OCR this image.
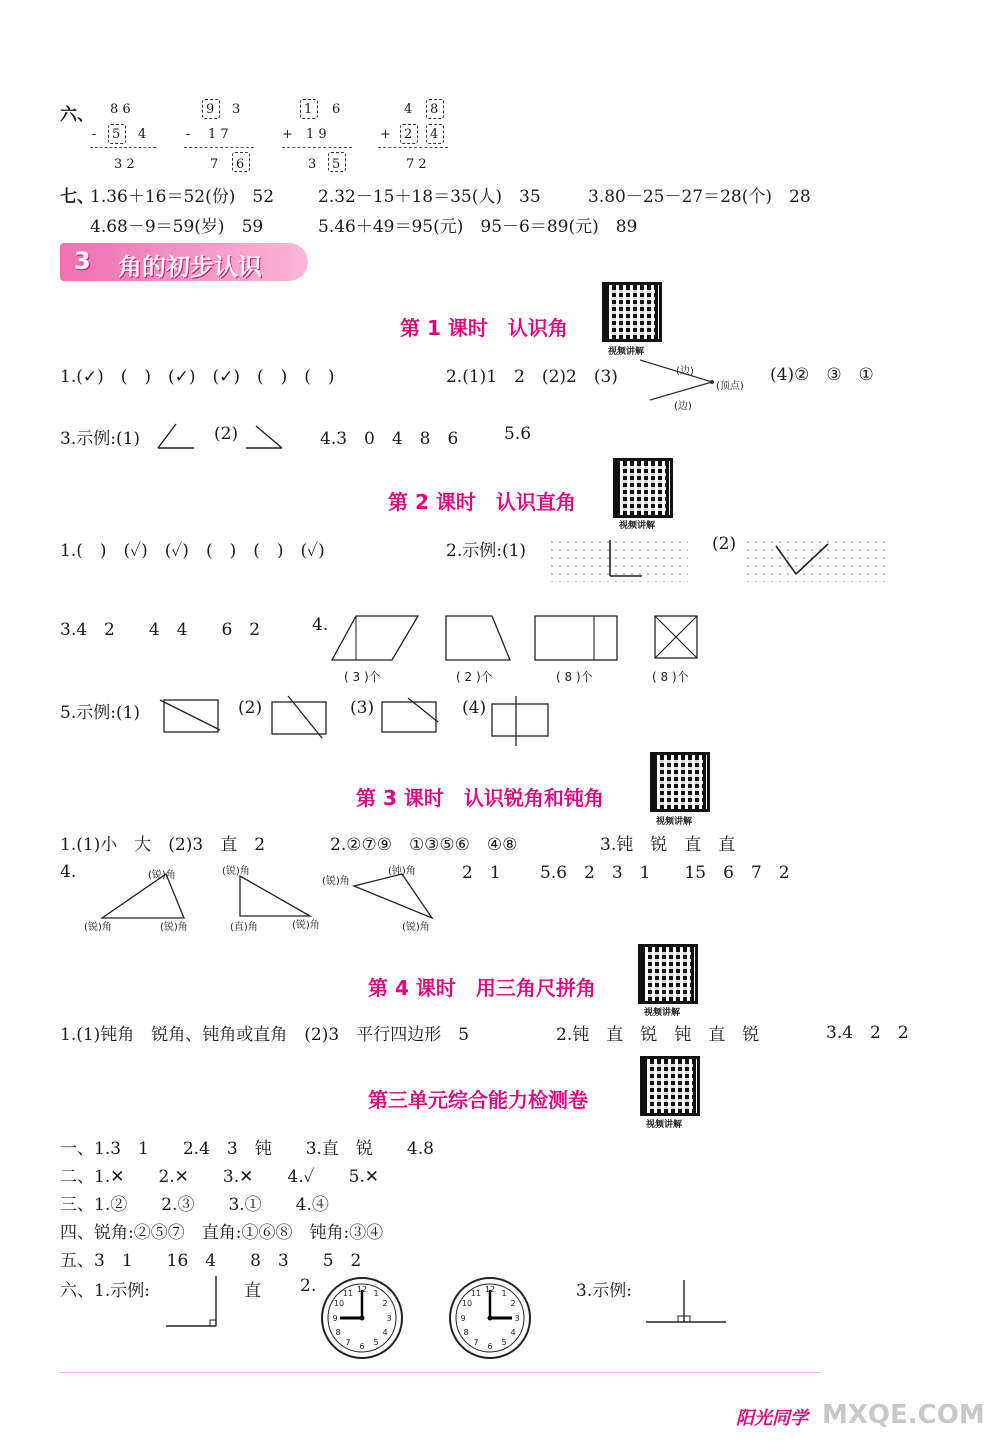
六、 8 6
- 5 4
3 2
9 3
- 1 7
7 6
1 6
+ 1 9
3 5
4 8
+ 2 4
7 2
七、
1.36＋16＝52(份)　52	2.32－15＋18＝35(人)　35	3.80－25－27＝28(个)　28
4.68－9＝59(岁)　59	5.46＋49＝95(元)　95－6＝89(元)　89
3 角的初步认识
第 1 课时　认识角
视频讲解
1.(✓)　(　)　(✓)　(✓)　(　)　(　)	2.(1)1　2　(2)2　(3)	(边)
(边)
(顶点)
(4)②　③　①
3.示例:(1)	(2)	4.3　0　4　8　6	5.6
第 2 课时　认识直角
视频讲解
1.(　)　(✓)　(✓)　(　)　(　)　(✓)	2.示例:(1)	(2)
3.4　2　　4　4　　6　2	4.
( 3 )个	( 2 )个	( 8 )个	( 8 )个
5.示例:(1)	(2)	(3)	(4)
第 3 课时　认识锐角和钝角
视频讲解
1.(1)小　大　(2)3　直　2	2.②⑦⑨　①③⑤⑥　④⑧	3.钝　锐　直　直
4.	(锐)角
(锐)角	(锐)角
(锐)角
(直)角	(锐)角
(锐)角
(钝)角
(锐)角
2　1 5.6　2　3　1　　15　6　7　2
第 4 课时　用三角尺拼角
视频讲解
1.(1)钝角　锐角、钝角或直角　(2)3　平行四边形　5	2.钝　直　锐　钝　直　锐	3.4　2　2
第三单元综合能力检测卷
视频讲解
一、1.3　1　　2.4　3　钝　　3.直　锐　　4.8
二、1.✕　　2.✕　　3.✕　　4.✓　　5.✕
三、1.②　　2.③　　3.①　　4.④
四、锐角:②⑤⑦　直角:①⑥⑧　钝角:③④
五、3　1　　16　4　　8　3　　5　2
六、1.示例:	直 2.	12 1
2
3
4
5
6
7
8
9
10
11	12 1
2
3
4
5
6
7
8
9
10
11	3.示例:
阳光同学 MXQE.COM
